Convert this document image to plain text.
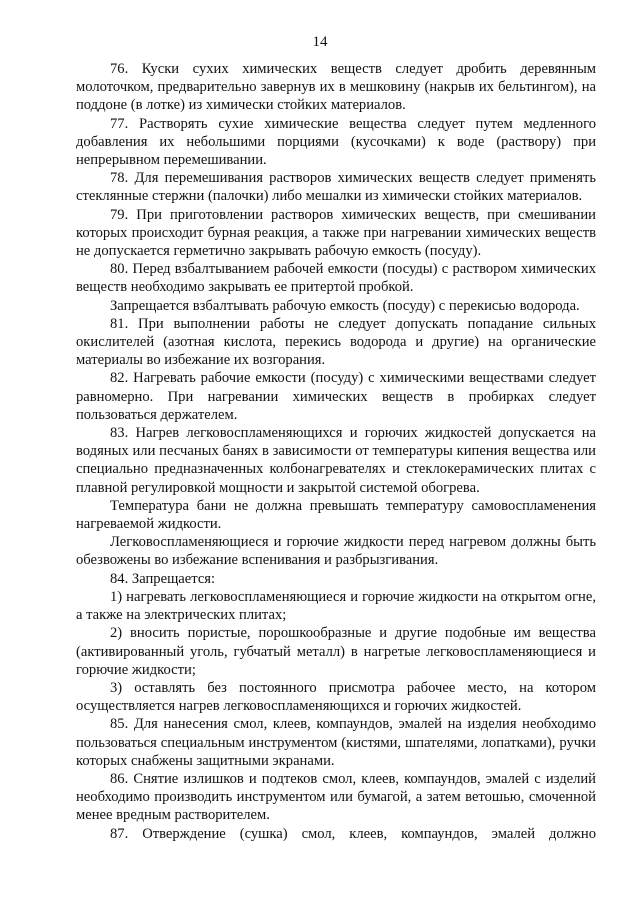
14

76. Куски сухих химических веществ следует дробить деревянным молоточком, предварительно завернув их в мешковину (накрыв их бельтингом), на поддоне (в лотке) из химически стойких материалов.

77. Растворять сухие химические вещества следует путем медленного добавления их небольшими порциями (кусочками) к воде (раствору) при непрерывном перемешивании.

78. Для перемешивания растворов химических веществ следует применять стеклянные стержни (палочки) либо мешалки из химически стойких материалов.

79. При приготовлении растворов химических веществ, при смешивании которых происходит бурная реакция, а также при нагревании химических веществ не допускается герметично закрывать рабочую емкость (посуду).

80. Перед взбалтыванием рабочей емкости (посуды) с раствором химических веществ необходимо закрывать ее притертой пробкой.

Запрещается взбалтывать рабочую емкость (посуду) с перекисью водорода.

81. При выполнении работы не следует допускать попадание сильных окислителей (азотная кислота, перекись водорода и другие) на органические материалы во избежание их возгорания.

82. Нагревать рабочие емкости (посуду) с химическими веществами следует равномерно. При нагревании химических веществ в пробирках следует пользоваться держателем.

83. Нагрев легковоспламеняющихся и горючих жидкостей допускается на водяных или песчаных банях в зависимости от температуры кипения вещества или специально предназначенных колбонагревателях и стеклокерамических плитах с плавной регулировкой мощности и закрытой системой обогрева.

Температура бани не должна превышать температуру самовоспламенения нагреваемой жидкости.

Легковоспламеняющиеся и горючие жидкости перед нагревом должны быть обезвожены во избежание вспенивания и разбрызгивания.

84. Запрещается:

1) нагревать легковоспламеняющиеся и горючие жидкости на открытом огне, а также на электрических плитах;

2) вносить пористые, порошкообразные и другие подобные им вещества (активированный уголь, губчатый металл) в нагретые легковоспламеняющиеся и горючие жидкости;

3) оставлять без постоянного присмотра рабочее место, на котором осуществляется нагрев легковоспламеняющихся и горючих жидкостей.

85. Для нанесения смол, клеев, компаундов, эмалей на изделия необходимо пользоваться специальным инструментом (кистями, шпателями, лопатками), ручки которых снабжены защитными экранами.

86. Снятие излишков и подтеков смол, клеев, компаундов, эмалей с изделий необходимо производить инструментом или бумагой, а затем ветошью, смоченной менее вредным растворителем.

87. Отверждение (сушка) смол, клеев, компаундов, эмалей должно
